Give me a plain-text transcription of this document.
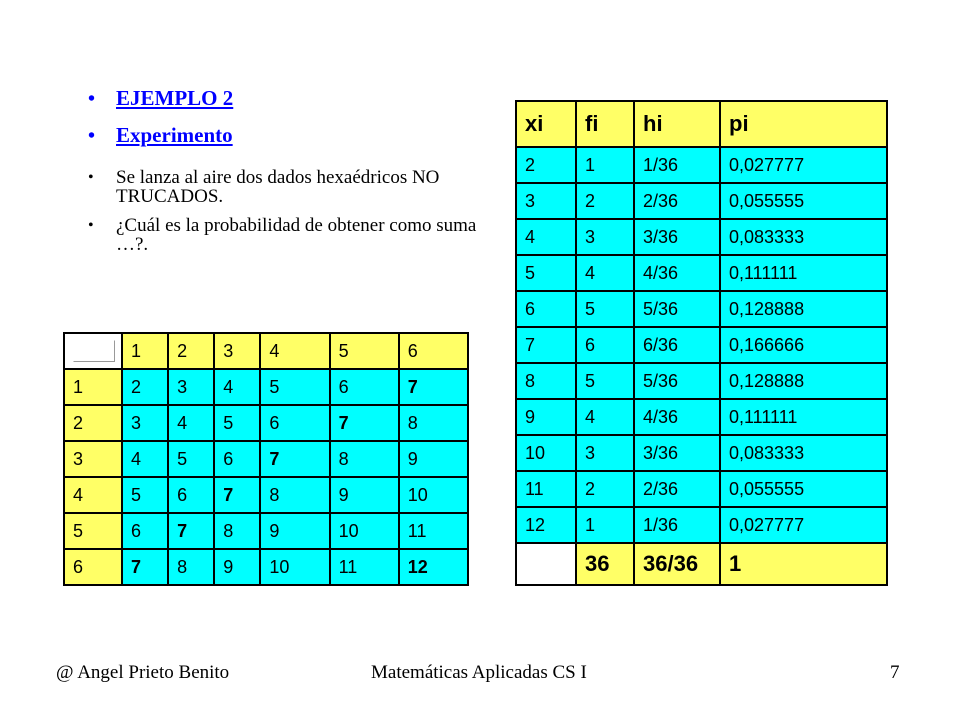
• EJEMPLO 2
• Experimento
•	Se lanza al aire dos dados hexaédricos NO TRUCADOS.
•	¿Cuál es la probabilidad de obtener como suma …?.
	1	2	3	4	5	6
1	2	3	4	5	6	7
2	3	4	5	6	7	8
3	4	5	6	7	8	9
4	5	6	7	8	9	10
5	6	7	8	9	10	11
6	7	8	9	10	11	12
xi	fi	hi	pi
2	1	1/36	0,027777
3	2	2/36	0,055555
4	3	3/36	0,083333
5	4	4/36	0,111111
6	5	5/36	0,128888
7	6	6/36	0,166666
8	5	5/36	0,128888
9	4	4/36	0,111111
10	3	3/36	0,083333
11	2	2/36	0,055555
12	1	1/36	0,027777
	36	36/36	1
@ Angel Prieto Benito	Matemáticas Aplicadas CS I	7
